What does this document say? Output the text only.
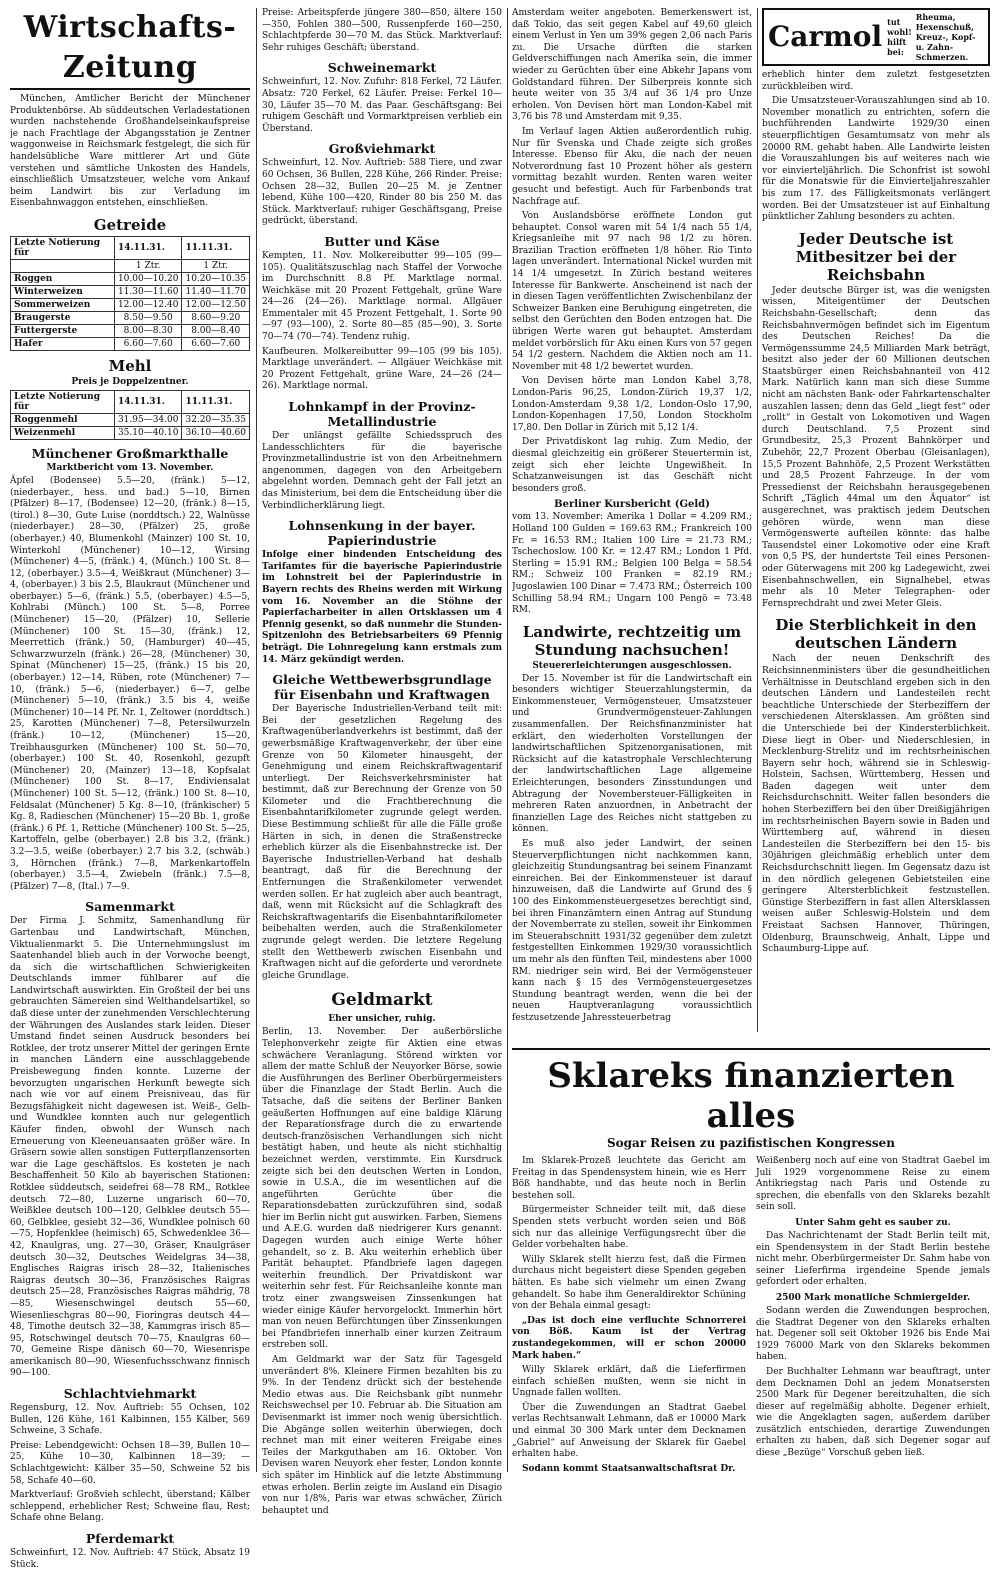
Wirtschafts-Zeitung

München, Amtlicher Bericht der Münchener Produktenbörse. Ab süddeutschen Verladestationen wurden nachstehende Großhandelseinkaufspreise je nach Frachtlage der Abgangsstation je Zentner waggonweise in Reichsmark festgelegt, die sich für handelsübliche Ware mittlerer Art und Güte verstehen und sämtliche Unkosten des Handels, einschließlich Umsatzsteuer, welche vom Ankauf beim Landwirt bis zur Verladung im Eisenbahnwaggon entstehen, einschließen.

Getreide
Letzte Notierung für	14.11.31.	11.11.31.
	1 Ztr.	1 Ztr.
Roggen	10.00—10.20	10.20—10.35
Winterweizen	11.30—11.60	11.40—11.70
Sommerweizen	12.00—12.40	12.00—12.50
Braugerste	8.50—9.50	8.60—9.20
Futtergerste	8.00—8.30	8.00—8.40
Hafer	6.60—7.60	6.60—7.60
Mehl
Preis je Doppelzentner.
Letzte Notierung für	14.11.31.	11.11.31.
Roggenmehl	31.95—34.00	32.20—35.35
Weizenmehl	35.10—40.10	36.10—40.60
Münchener Großmarkthalle
Marktbericht vom 13. November.

Äpfel (Bodensee) 5.5—20, (fränk.) 5—12, (niederbayer., hess. und bad.) 5—10, Birnen (Pfälzer) 8—17, (Bodensee) 12—20, (fränk.) 8—15, (tirol.) 8—30, Gute Luise (norddtsch.) 22, Walnüsse (niederbayer.) 28—30, (Pfälzer) 25, große (oberbayer.) 40, Blumenkohl (Mainzer) 100 St. 10, Winterkohl (Münchener) 10—12, Wirsing (Münchener) 4—5, (fränk.) 4, (Münch.) 100 St. 8—12, (oberbayer.) 3.5—4, Weißkraut (Münchener) 3—4, (oberbayer.) 3 bis 2.5, Blaukraut (Münchener und oberbayer.) 5—6, (fränk.) 5.5, (oberbayer.) 4.5—5, Kohlrabi (Münch.) 100 St. 5—8, Porree (Münchener) 15—20, (Pfälzer) 10, Sellerie (Münchener) 100 St. 15—30, (fränk.) 12, Meerrettich (fränk.) 50, (Hamburger) 40—45, Schwarzwurzeln (fränk.) 26—28, (Münchener) 30, Spinat (Münchener) 15—25, (fränk.) 15 bis 20, (oberbayer.) 12—14, Rüben, rote (Münchener) 7—10, (fränk.) 5—6, (niederbayer.) 6—7, gelbe (Münchener) 5—10, (fränk.) 3.5 bis 4, weiße (Münchener) 10—14 Pf. Nr. 1, Zeltower (norddtsch.) 25, Karotten (Münchener) 7—8, Petersilwurzeln (fränk.) 10—12, (Münchener) 15—20, Treibhausgurken (Münchener) 100 St. 50—70, (oberbayer.) 100 St. 40, Rosenkohl, gezupft (Münchener) 20, (Mainzer) 13—18, Kopfsalat (Münchener) 100 St. 8—17, Endiviensalat (Münchener) 100 St. 5—12, (fränk.) 100 St. 8—10, Feldsalat (Münchener) 5 Kg. 8—10, (fränkischer) 5 Kg. 8, Radieschen (Münchener) 15—20 Bb. 1, große (fränk.) 6 Pf. 1, Rettiche (Münchener) 100 St. 5—25, Kartoffeln, gelbe (oberbayer.) 2.8 bis 3.2, (fränk.) 3.2—3.5, weiße (oberbayer.) 2.7 bis 3.2, (schwäb.) 3, Hörnchen (fränk.) 7—8, Markenkartoffeln (oberbayer.) 3.5—4, Zwiebeln (fränk.) 7.5—8, (Pfälzer) 7—8, (Ital.) 7—9.

Samenmarkt

Der Firma J. Schmitz, Samenhandlung für Gartenbau und Landwirtschaft, München, Viktualienmarkt 5. Die Unternehmungslust im Saatenhandel blieb auch in der Vorwoche beengt, da sich die wirtschaftlichen Schwierigkeiten Deutschlands immer fühlbarer auf die Landwirtschaft auswirkten. Ein Großteil der bei uns gebrauchten Sämereien sind Welthandelsartikel, so daß diese unter der zunehmenden Verschlechterung der Währungen des Auslandes stark leiden. Dieser Umstand findet seinen Ausdruck besonders bei Rotklee, der trotz unserer Mittel der geringen Ernte in manchen Ländern eine ausschlaggebende Preisbewegung finden konnte. Luzerne der bevorzugten ungarischen Herkunft bewegte sich nach wie vor auf einem Preisniveau, das für Bezugsfähigkeit nicht dagewesen ist. Weiß-, Gelb- und Wundklee konnten auch nur gelegentlich Käufer finden, obwohl der Wunsch nach Erneuerung von Kleeneuansaaten größer wäre. In Gräsern sowie allen sonstigen Futterpflanzensorten war die Lage geschäftslos. Es kosteten je nach Beschaffenheit 50 Kilo ab bayerischen Stationen: Rotklee süddeutsch, seidefrei 68—78 RM., Rotklee deutsch 72—80, Luzerne ungarisch 60—70, Weißklee deutsch 100—120, Gelbklee deutsch 55—60, Gelbklee, gesiebt 32—36, Wundklee polnisch 60—75, Hopfenklee (heimisch) 65, Schwedenklee 36—42, Knaulgras, ung. 27—30, Gräser, Knaulgräser deutsch 30—32, Deutsches Weidelgras 34—38, Englisches Raigras irisch 28—32, Italienisches Raigras deutsch 30—36, Französisches Raigras deutsch 25—28, Französisches Raigras mähdrig, 78—85, Wiesenschwingel deutsch 55—60, Wiesenlieschgras 80—90, Fioringras deutsch 44—48, Timothe deutsch 32—38, Kammgras irisch 85—95, Rotschwingel deutsch 70—75, Knaulgras 60—70, Gemeine Rispe dänisch 60—70, Wiesenrispe amerikanisch 80—90, Wiesenfuchsschwanz finnisch 90—100.

Schlachtviehmarkt

Regensburg, 12. Nov. Auftrieb: 55 Ochsen, 102 Bullen, 126 Kühe, 161 Kalbinnen, 155 Kälber, 569 Schweine, 3 Schafe.

Preise: Lebendgewicht: Ochsen 18—39, Bullen 10—25, Kühe 10—30, Kalbinnen 18—39; — Schlachtgewicht: Kälber 35—50, Schweine 52 bis 58, Schafe 40—60.

Marktverlauf: Großvieh schlecht, überstand; Kälber schleppend, erheblicher Rest; Schweine flau, Rest; Schafe ohne Belang.

Pferdemarkt

Schweinfurt, 12. Nov. Auftrieb: 47 Stück, Absatz 19 Stück.

Preise: Arbeitspferde jüngere 380—850, ältere 150—350, Fohlen 380—500, Russenpferde 160—250, Schlachtpferde 30—70 M. das Stück. Marktverlauf: Sehr ruhiges Geschäft; überstand.

Schweinemarkt

Schweinfurt, 12. Nov. Zufuhr: 818 Ferkel, 72 Läufer. Absatz: 720 Ferkel, 62 Läufer. Preise: Ferkel 10—30, Läufer 35—70 M. das Paar. Geschäftsgang: Bei ruhigem Geschäft und Vormarktpreisen verblieb ein Überstand.

Großviehmarkt

Schweinfurt, 12. Nov. Auftrieb: 588 Tiere, und zwar 60 Ochsen, 36 Bullen, 228 Kühe, 266 Rinder. Preise: Ochsen 28—32, Bullen 20—25 M. je Zentner lebend, Kühe 100—420, Rinder 80 bis 250 M. das Stück. Marktverlauf: ruhiger Geschäftsgang, Preise gedrückt, überstand.

Butter und Käse

Kempten, 11. Nov. Molkereibutter 99—105 (99—105). Qualitätszuschlag nach Staffel der Vorwoche im Durchschnitt 8.8 Pf. Marktlage normal. Weichkäse mit 20 Prozent Fettgehalt, grüne Ware 24—26 (24—26). Marktlage normal. Allgäuer Emmentaler mit 45 Prozent Fettgehalt, 1. Sorte 90—97 (93—100), 2. Sorte 80—85 (85—90), 3. Sorte 70—74 (70—74). Tendenz ruhig.

Kaufbeuren. Molkereibutter 99—105 (99 bis 105). Marktlage unverändert. — Allgäuer Weichkäse mit 20 Prozent Fettgehalt, grüne Ware, 24—26 (24—26). Marktlage normal.

Lohnkampf in der Provinz-Metallindustrie

Der unlängst gefällte Schiedsspruch des Landesschlichters für die bayerische Provinzmetallindustrie ist von den Arbeitnehmern angenommen, dagegen von den Arbeitgebern abgelehnt worden. Demnach geht der Fall jetzt an das Ministerium, bei dem die Entscheidung über die Verbindlicherklärung liegt.

Lohnsenkung in der bayer. Papierindustrie

Infolge einer bindenden Entscheidung des Tarifamtes für die bayerische Papierindustrie im Lohnstreit bei der Papierindustrie in Bayern rechts des Rheins werden mit Wirkung vom 16. November an die Stöhne der Papierfacharbeiter in allen Ortsklassen um 4 Pfennig gesenkt, so daß nunmehr die Stunden-Spitzenlohn des Betriebsarbeiters 69 Pfennig beträgt. Die Lohnregelung kann erstmals zum 14. März gekündigt werden.

Gleiche Wettbewerbsgrundlage für Eisenbahn und Kraftwagen

Der Bayerische Industriellen-Verband teilt mit: Bei der gesetzlichen Regelung des Kraftwagenüberlandverkehrs ist bestimmt, daß der gewerbsmäßige Kraftwagenverkehr, der über eine Grenze von 50 Kilometer hinausgeht, der Genehmigung und einem Reichskraftwagentarif unterliegt. Der Reichsverkehrsminister hat bestimmt, daß zur Berechnung der Grenze von 50 Kilometer und die Frachtberechnung die Eisenbahntarifkilometer zugrunde gelegt werden. Diese Bestimmung schließt für alle die Fälle große Härten in sich, in denen die Straßenstrecke erheblich kürzer als die Eisenbahnstrecke ist. Der Bayerische Industriellen-Verband hat deshalb beantragt, daß für die Berechnung der Entfernungen die Straßenkilometer verwendet werden sollen. Er hat zugleich aber auch beantragt, daß, wenn mit Rücksicht auf die Schlagkraft des Reichskraftwagentarifs die Eisenbahntarifkilometer beibehalten werden, auch die Straßenkilometer zugrunde gelegt werden. Die letztere Regelung stellt den Wettbewerb zwischen Eisenbahn und Kraftwagen nicht auf die geforderte und verordnete gleiche Grundlage.

Geldmarkt
Eher unsicher, ruhig.

Berlin, 13. November. Der außerbörsliche Telephonverkehr zeigte für Aktien eine etwas schwächere Veranlagung. Störend wirkten vor allem der matte Schluß der Neuyorker Börse, sowie die Ausführungen des Berliner Oberbürgermeisters über die Finanzlage der Stadt Berlin. Auch die Tatsache, daß die seitens der Berliner Banken geäußerten Hoffnungen auf eine baldige Klärung der Reparationsfrage durch die zu erwartende deutsch-französischen Verhandlungen sich nicht bestätigt haben, und heute als nicht stichhaltig bezeichnet werden, verstimmte. Ein Kursdruck zeigte sich bei den deutschen Werten in London, sowie in U.S.A., die im wesentlichen auf die angeführten Gerüchte über die Reparationsdebatten zurückzuführen sind, sodaß hier im Berlin nicht gut auswirken. Farben, Siemens und A.E.G. wurden daß niedrigerer Kurs genannt. Dagegen wurden auch einige Werte höher gehandelt, so z. B. Aku weiterhin erheblich über Parität behauptet. Pfandbriefe lagen dagegen weiterhin freundlich. Der Privatdiskont war weiterhin sehr fest. Für Reichsanleihe konnte man trotz einer zwangsweisen Zinssenkungen hat wieder einige Käufer hervorgelockt. Immerhin hört man von neuen Befürchtungen über Zinssenkungen bei Pfandbriefen innerhalb einer kurzen Zeitraum erstreben soll.

Am Geldmarkt war der Satz für Tagesgeld unverändert 8%. Kleinere Firmen bezahlten bis zu 9%. In der Tendenz drückt sich der bestehende Medio etwas aus. Die Reichsbank gibt nunmehr Reichswechsel per 10. Februar ab. Die Situation am Devisenmarkt ist immer noch wenig übersichtlich. Die Abgänge sollen weiterhin überwiegen, doch rechnet man mit einer weiteren Freigabe eines Teiles der Markguthaben am 16. Oktober. Von Devisen waren Neuyork eher fester, London konnte sich später im Hinblick auf die letzte Abstimmung etwas erholen. Berlin zeigte im Ausland ein Disagio von nur 1/8%, Paris war etwas schwächer, Zürich behauptet und

Amsterdam weiter angeboten. Bemerkenswert ist, daß Tokio, das seit gegen Kabel auf 49,60 gleich einem Verlust in Yen um 39% gegen 2,06 nach Paris zu. Die Ursache dürften die starken Geldverschiffungen nach Amerika sein, die immer wieder zu Gerüchten über eine Abkehr Japans vom Goldstandard führen. Der Silberpreis konnte sich heute weiter von 35 3/4 auf 36 1/4 pro Unze erholen. Von Devisen hört man London-Kabel mit 3,76 bis 78 und Amsterdam mit 9,35.

Im Verlauf lagen Aktien außerordentlich ruhig. Nur für Svenska und Chade zeigte sich großes Interesse. Ebenso für Aku, die nach der neuen Notverordnung fast 10 Prozent höher als gestern vormittag bezahlt wurden. Renten waren weiter gesucht und befestigt. Auch für Farbenbonds trat Nachfrage auf.

Von Auslandsbörse eröffnete London gut behauptet. Consol waren mit 54 1/4 nach 55 1/4, Kriegsanleihe mit 97 nach 98 1/2 zu hören. Brazilian Traction eröffneten 1/8 höher. Rio Tinto lagen unverändert. International Nickel wurden mit 14 1/4 umgesetzt. In Zürich bestand weiteres Interesse für Bankwerte. Anscheinend ist nach der in diesen Tagen veröffentlichten Zwischenbilanz der Schweizer Banken eine Beruhigung eingetreten, die selbst den Gerüchten den Boden entzogen hat. Die übrigen Werte waren gut behauptet. Amsterdam meldet vorbörslich für Aku einen Kurs von 57 gegen 54 1/2 gestern. Nachdem die Aktien noch am 11. November mit 48 1/2 bewertet wurden.

Von Devisen hörte man London Kabel 3,78, London-Paris 96,25, London-Zürich 19,37 1/2, London-Amsterdam 9,38 1/2, London-Oslo 17,90, London-Kopenhagen 17,50, London Stockholm 17,80. Den Dollar in Zürich mit 5,12 1/4.

Der Privatdiskont lag ruhig. Zum Medio, der diesmal gleichzeitig ein größerer Steuertermin ist, zeigt sich eher leichte Ungewißheit. In Schatzanweisungen ist das Geschäft nicht besonders groß.

Berliner Kursbericht (Geld)

vom 13. November: Amerika 1 Dollar = 4.209 RM.; Holland 100 Gulden = 169.63 RM.; Frankreich 100 Fr. = 16.53 RM.; Italien 100 Lire = 21.73 RM.; Tschechoslow. 100 Kr. = 12.47 RM.; London 1 Pfd. Sterling = 15.91 RM.; Belgien 100 Belga = 58.54 RM.; Schweiz 100 Franken = 82.19 RM.; Jugoslawien 100 Dinar = 7.473 RM.; Österreich 100 Schilling 58.94 RM.; Ungarn 100 Pengö = 73.48 RM.

Landwirte, rechtzeitig um Stundung nachsuchen!
Steuererleichterungen ausgeschlossen.

Der 15. November ist für die Landwirtschaft ein besonders wichtiger Steuerzahlungstermin, da Einkommensteuer, Vermögensteuer, Umsatzsteuer und Grundvermögensteuer-Zahlungen zusammenfallen. Der Reichsfinanzminister hat erklärt, den wiederholten Vorstellungen der landwirtschaftlichen Spitzenorganisationen, mit Rücksicht auf die katastrophale Verschlechterung der landwirtschaftlichen Lage allgemeine Erleichterungen, besonders Zinsstundungen und Abtragung der Novembersteuer-Fälligkeiten in mehreren Raten anzuordnen, in Anbetracht der finanziellen Lage des Reiches nicht stattgeben zu können.

Es muß also jeder Landwirt, der seinen Steuerverpflichtungen nicht nachkommen kann, gleichzeitig Stundungsantrag bei seinem Finanzamt einreichen. Bei der Einkommensteuer ist darauf hinzuweisen, daß die Landwirte auf Grund des § 100 des Einkommensteuergesetzes berechtigt sind, bei ihren Finanzämtern einen Antrag auf Stundung der Novemberrate zu stellen, soweit ihr Einkommen im Steuerabschnitt 1931/32 gegenüber dem zuletzt festgestellten Einkommen 1929/30 voraussichtlich um mehr als den fünften Teil, mindestens aber 1000 RM. niedriger sein wird. Bei der Vermögensteuer kann nach § 15 des Vermögensteuergesetzes Stundung beantragt werden, wenn die bei der neuen Hauptveranlagung voraussichtlich festzusetzende Jahressteuerbetrag

Carmol tut wohl! hilft bei:
Rheuma, Hexenschuß, Kreuz-, Kopf- u. Zahn-Schmerzen.

erheblich hinter dem zuletzt festgesetzten zurückbleiben wird.

Die Umsatzsteuer-Vorauszahlungen sind ab 10. November monatlich zu entrichten, sofern die buchführenden Landwirte 1929/30 einen steuerpflichtigen Gesamtumsatz von mehr als 20000 RM. gehabt haben. Alle Landwirte leisten die Vorauszahlungen bis auf weiteres nach wie vor einvierteljährlich. Die Schonfrist ist sowohl für die Monatswie für die Einvierteljahreszahler bis zum 17. des Fälligkeitsmonats verlängert worden. Bei der Umsatzsteuer ist auf Einhaltung pünktlicher Zahlung besonders zu achten.

Jeder Deutsche ist Mitbesitzer bei der Reichsbahn

Jeder deutsche Bürger ist, was die wenigsten wissen, Miteigentümer der Deutschen Reichsbahn-Gesellschaft; denn das Reichsbahnvermögen befindet sich im Eigentum des Deutschen Reiches! Da die Vermögenssumme 24,5 Milliarden Mark beträgt, besitzt also jeder der 60 Millionen deutschen Staatsbürger einen Reichsbahnanteil von 412 Mark. Natürlich kann man sich diese Summe nicht am nächsten Bank- oder Fahrkartenschalter auszahlen lassen; denn das Geld „liegt fest“ oder „rollt“ in Gestalt von Lokomotiven und Wagen durch Deutschland. 7,5 Prozent sind Grundbesitz, 25,3 Prozent Bahnkörper und Zubehör, 22,7 Prozent Oberbau (Gleisanlagen), 15,5 Prozent Bahnhöfe, 2,5 Prozent Werkstätten und 28,5 Prozent Fahrzeuge. In der vom Pressedienst der Reichsbahn herausgegebenen Schrift „Täglich 44mal um den Äquator“ ist ausgerechnet, was praktisch jedem Deutschen gehören würde, wenn man diese Vermögenswerte aufteilen könnte: das halbe Tausendstel einer Lokomotive oder eine Kraft von 0,5 PS, der hundertste Teil eines Personen- oder Güterwagens mit 200 kg Ladegewicht, zwei Eisenbahnschwellen, ein Signalhebel, etwas mehr als 10 Meter Telegraphen- oder Fernsprechdraht und zwei Meter Gleis.

Die Sterblichkeit in den deutschen Ländern

Nach der neuen Denkschrift des Reichsinnenministers über die gesundheitlichen Verhältnisse in Deutschland ergeben sich in den deutschen Ländern und Landesteilen recht beachtliche Unterschiede der Sterbeziffern der verschiedenen Altersklassen. Am größten sind die Unterschiede bei der Kindersterblichkeit. Diese liegt in Ober- und Niederschlesien, in Mecklenburg-Strelitz und im rechtsrheinischen Bayern sehr hoch, während sie in Schleswig-Holstein, Sachsen, Württemberg, Hessen und Baden dagegen weit unter dem Reichsdurchschnitt. Weiter fallen besonders die hohen Sterbeziffern bei den über Dreißigjährigen im rechtsrheinischen Bayern sowie in Baden und Württemberg auf, während in diesen Landesteilen die Sterbeziffern bei den 15- bis 30jährigen gleichmäßig erheblich unter dem Reichsdurchschnitt liegen. Im Gegensatz dazu ist in den nördlich gelegenen Gebietsteilen eine geringere Altersterblichkeit festzustellen. Günstige Sterbeziffern in fast allen Altersklassen weisen außer Schleswig-Holstein und dem Freistaat Sachsen Hannover, Thüringen, Oldenburg, Braunschweig, Anhalt, Lippe und Schaumburg-Lippe auf.

Sklareks finanzierten alles
Sogar Reisen zu pazifistischen Kongressen

Im Sklarek-Prozeß leuchtete das Gericht am Freitag in das Spendensystem hinein, wie es Herr Böß handhabte, und das heute noch in Berlin bestehen soll.

Bürgermeister Schneider teilt mit, daß diese Spenden stets verbucht worden seien und Böß sich nur das alleinige Verfügungsrecht über die Gelder vorbehalten habe.

Willy Sklarek stellt hierzu fest, daß die Firmen durchaus nicht begeistert diese Spenden gegeben hätten. Es habe sich vielmehr um einen Zwang gehandelt. So habe ihm Generaldirektor Schüning von der Behala einmal gesagt:

„Das ist doch eine verfluchte Schnorrerei von Böß. Kaum ist der Vertrag zustandegekommen, will er schon 20000 Mark haben.“

Willy Sklarek erklärt, daß die Lieferfirmen einfach schießen mußten, wenn sie nicht in Ungnade fallen wollten.

Über die Zuwendungen an Stadtrat Gaebel verlas Rechtsanwalt Lehmann, daß er 10000 Mark und einmal 30 300 Mark unter dem Decknamen „Gabriel“ auf Anweisung der Sklarek für Gaebel erhalten habe.

Sodann kommt Staatsanwaltschaftsrat Dr.

Weißenberg noch auf eine von Stadtrat Gaebel im Juli 1929 vorgenommene Reise zu einem Antikriegstag nach Paris und Ostende zu sprechen, die ebenfalls von den Sklareks bezahlt sein soll.

Unter Sahm geht es sauber zu.

Das Nachrichtenamt der Stadt Berlin teilt mit, ein Spendensystem in der Stadt Berlin bestehe nicht mehr. Oberbürgermeister Dr. Sahm habe von seiner Lieferfirma irgendeine Spende jemals gefordert oder erhalten.

2500 Mark monatliche Schmiergelder.

Sodann werden die Zuwendungen besprochen, die Stadtrat Degener von den Sklareks erhalten hat. Degener soll seit Oktober 1926 bis Ende Mai 1929 76000 Mark von den Sklareks bekommen haben.

Der Buchhalter Lehmann war beauftragt, unter dem Decknamen Dohl an jedem Monatsersten 2500 Mark für Degener bereitzuhalten, die sich dieser auf regelmäßig abholte. Degener erhielt, wie die Angeklagten sagen, außerdem darüber zusätzlich entschieden, derartige Zuwendungen erhalten zu haben, daß sich Degener sogar auf diese „Bezüge“ Vorschuß geben ließ.
